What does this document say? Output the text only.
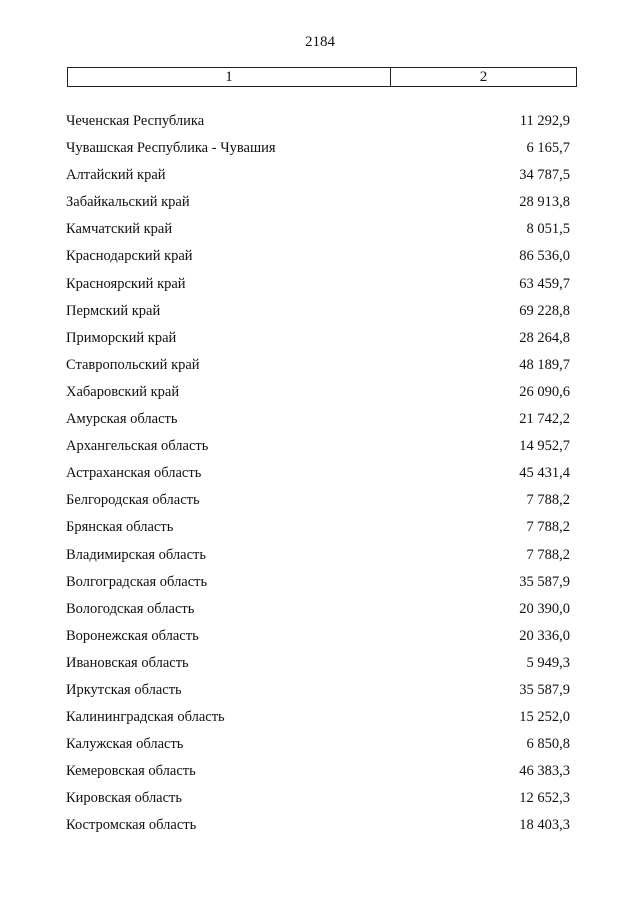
2184
1	2
Чеченская Республика	11 292,9
Чувашская Республика - Чувашия	6 165,7
Алтайский край	34 787,5
Забайкальский край	28 913,8
Камчатский край	8 051,5
Краснодарский край	86 536,0
Красноярский край	63 459,7
Пермский край	69 228,8
Приморский край	28 264,8
Ставропольский край	48 189,7
Хабаровский край	26 090,6
Амурская область	21 742,2
Архангельская область	14 952,7
Астраханская область	45 431,4
Белгородская область	7 788,2
Брянская область	7 788,2
Владимирская область	7 788,2
Волгоградская область	35 587,9
Вологодская область	20 390,0
Воронежская область	20 336,0
Ивановская область	5 949,3
Иркутская область	35 587,9
Калининградская область	15 252,0
Калужская область	6 850,8
Кемеровская область	46 383,3
Кировская область	12 652,3
Костромская область	18 403,3
